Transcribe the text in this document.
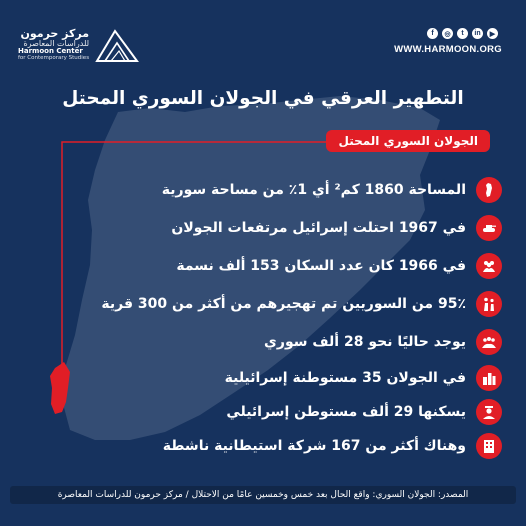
مركز حرمون
للدراسات المعاصرة
Harmoon Center
for Contemporary Studies
f	◎	t	in	▶
WWW.HARMOON.ORG
التطهير العرقي في الجولان السوري المحتل
الجولان السوري المحتل
المساحة 1860 كم² أي 1٪ من مساحة سورية
في 1967 احتلت إسرائيل مرتفعات الجولان
في 1966 كان عدد السكان 153 ألف نسمة
95٪ من السوريين تم تهجيرهم من أكثر من 300 قرية
يوجد حاليًا نحو 28 ألف سوري
في الجولان 35 مستوطنة إسرائيلية
يسكنها 29 ألف مستوطن إسرائيلي
وهناك أكثر من 167 شركة استيطانية ناشطة
المصدر: الجولان السوري: واقع الحال بعد خمس وخمسين عامًا من الاحتلال / مركز حرمون للدراسات المعاصرة
